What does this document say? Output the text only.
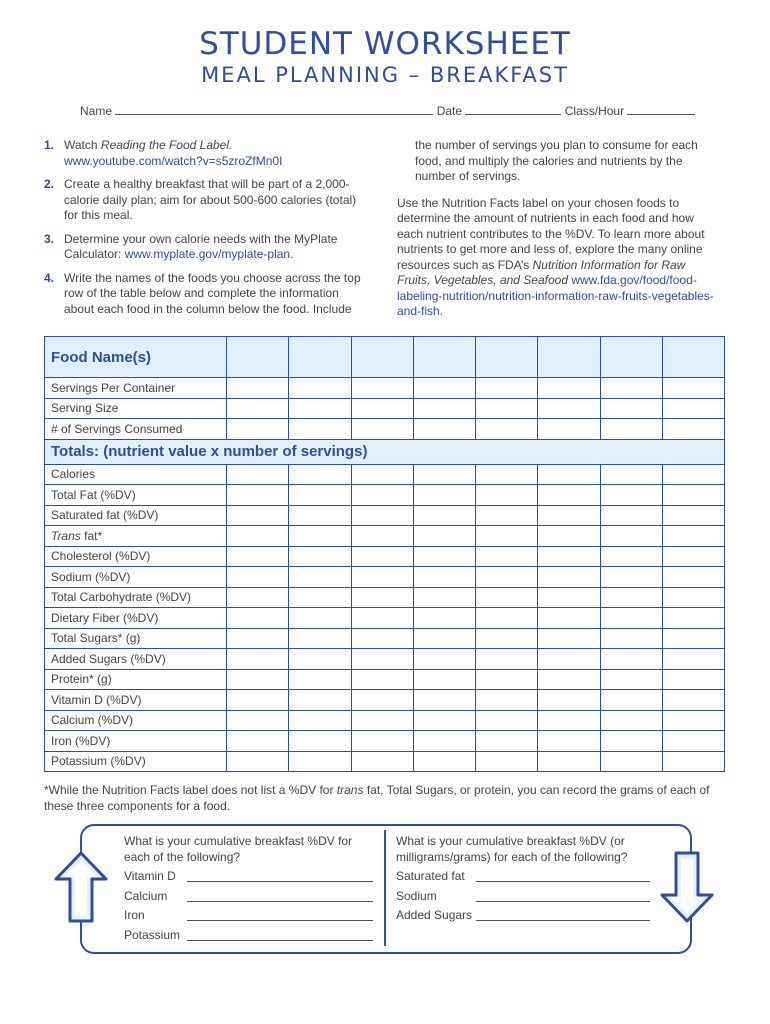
STUDENT WORKSHEET
MEAL PLANNING – BREAKFAST
Name	Date	Class/Hour
1. Watch Reading the Food Label.
www.youtube.com/watch?v=s5zroZfMn0I
2. Create a healthy breakfast that will be part of a 2,000-calorie daily plan; aim for about 500-600 calories (total) for this meal.
3. Determine your own calorie needs with the MyPlate Calculator: www.myplate.gov/myplate-plan.
4. Write the names of the foods you choose across the top row of the table below and complete the information about each food in the column below the food. Include

the number of servings you plan to consume for each food, and multiply the calories and nutrients by the number of servings.

Use the Nutrition Facts label on your chosen foods to determine the amount of nutrients in each food and how each nutrient contributes to the %DV. To learn more about nutrients to get more and less of, explore the many online resources such as FDA’s Nutrition Information for Raw Fruits, Vegetables, and Seafood www.fda.gov/food/food-labeling-nutrition/nutrition-information-raw-fruits-vegetables-and-fish.

Food Name(s)								
Servings Per Container								
Serving Size								
# of Servings Consumed								
Totals: (nutrient value x number of servings)								
Calories								
Total Fat (%DV)								
Saturated fat (%DV)								
Trans fat*								
Cholesterol (%DV)								
Sodium (%DV)								
Total Carbohydrate (%DV)								
Dietary Fiber (%DV)								
Total Sugars* (g)								
Added Sugars (%DV)								
Protein* (g)								
Vitamin D (%DV)								
Calcium (%DV)								
Iron (%DV)								
Potassium (%DV)								
*While the Nutrition Facts label does not list a %DV for trans fat, Total Sugars, or protein, you can record the grams of each of these three components for a food.
What is your cumulative breakfast %DV for each of the following?
What is your cumulative breakfast %DV (or milligrams/grams) for each of the following?
Vitamin D
Calcium
Iron
Potassium
Saturated fat
Sodium
Added Sugars
